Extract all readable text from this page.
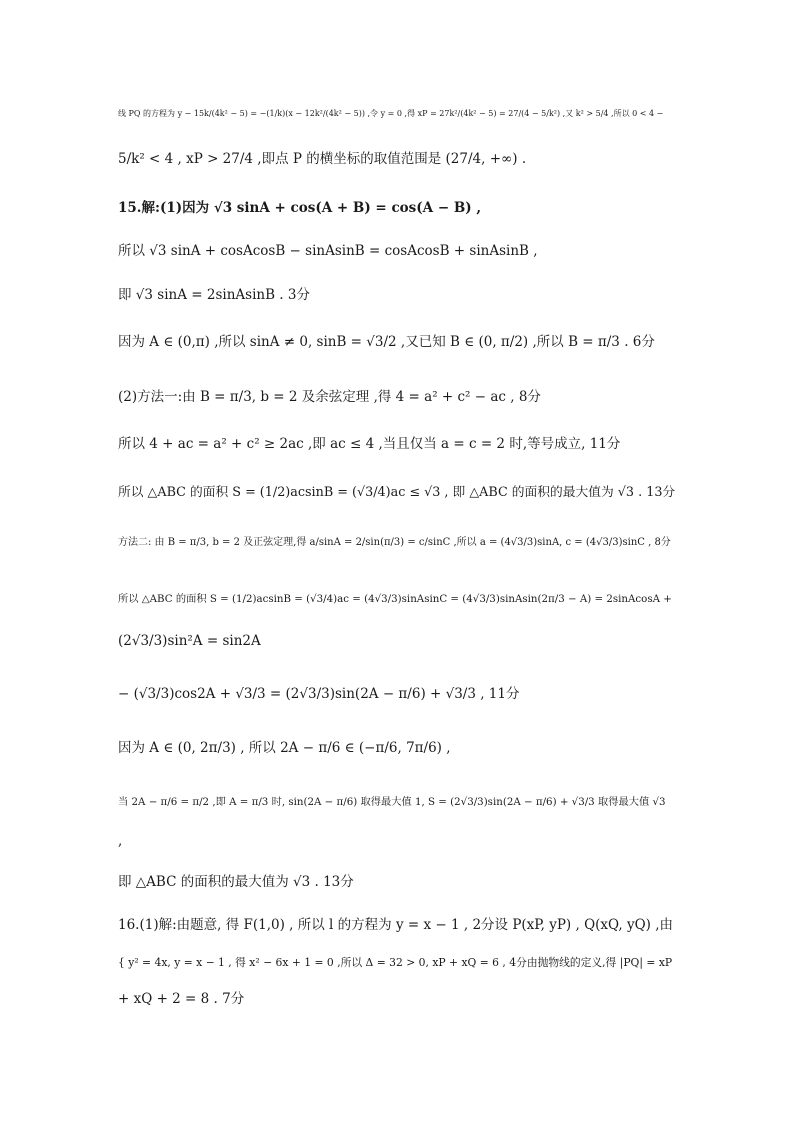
线 PQ 的方程为 y − 15k/(4k² − 5) = −(1/k)(x − 12k²/(4k² − 5)) ,令 y = 0 ,得 xP = 27k²/(4k² − 5) = 27/(4 − 5/k²) ,又 k² > 5/4 ,所以 0 < 4 −
5/k² < 4 , xP > 27/4 ,即点 P 的横坐标的取值范围是 (27/4, +∞) .
15.解:(1)因为 √3 sinA + cos(A + B) = cos(A − B) ,
所以 √3 sinA + cosAcosB − sinAsinB = cosAcosB + sinAsinB ,
即 √3 sinA = 2sinAsinB . 3分
因为 A ∈ (0,π) ,所以 sinA ≠ 0, sinB = √3/2 ,又已知 B ∈ (0, π/2) ,所以 B = π/3 . 6分
(2)方法一:由 B = π/3, b = 2 及余弦定理 ,得 4 = a² + c² − ac , 8分
所以 4 + ac = a² + c² ≥ 2ac ,即 ac ≤ 4 ,当且仅当 a = c = 2 时,等号成立, 11分
所以 △ABC 的面积 S = (1/2)acsinB = (√3/4)ac ≤ √3 , 即 △ABC 的面积的最大值为 √3 . 13分
方法二: 由 B = π/3, b = 2 及正弦定理,得 a/sinA = 2/sin(π/3) = c/sinC ,所以 a = (4√3/3)sinA, c = (4√3/3)sinC , 8分
所以 △ABC 的面积 S = (1/2)acsinB = (√3/4)ac = (4√3/3)sinAsinC = (4√3/3)sinAsin(2π/3 − A) = 2sinAcosA +
(2√3/3)sin²A = sin2A
− (√3/3)cos2A + √3/3 = (2√3/3)sin(2A − π/6) + √3/3 , 11分
因为 A ∈ (0, 2π/3) , 所以 2A − π/6 ∈ (−π/6, 7π/6) ,
当 2A − π/6 = π/2 ,即 A = π/3 时, sin(2A − π/6) 取得最大值 1, S = (2√3/3)sin(2A − π/6) + √3/3 取得最大值 √3
,
即 △ABC 的面积的最大值为 √3 . 13分
16.(1)解:由题意, 得 F(1,0) , 所以 l 的方程为 y = x − 1 , 2分设 P(xP, yP) , Q(xQ, yQ) ,由
{ y² = 4x, y = x − 1 , 得 x² − 6x + 1 = 0 ,所以 Δ = 32 > 0, xP + xQ = 6 , 4分由抛物线的定义,得 |PQ| = xP
+ xQ + 2 = 8 . 7分
